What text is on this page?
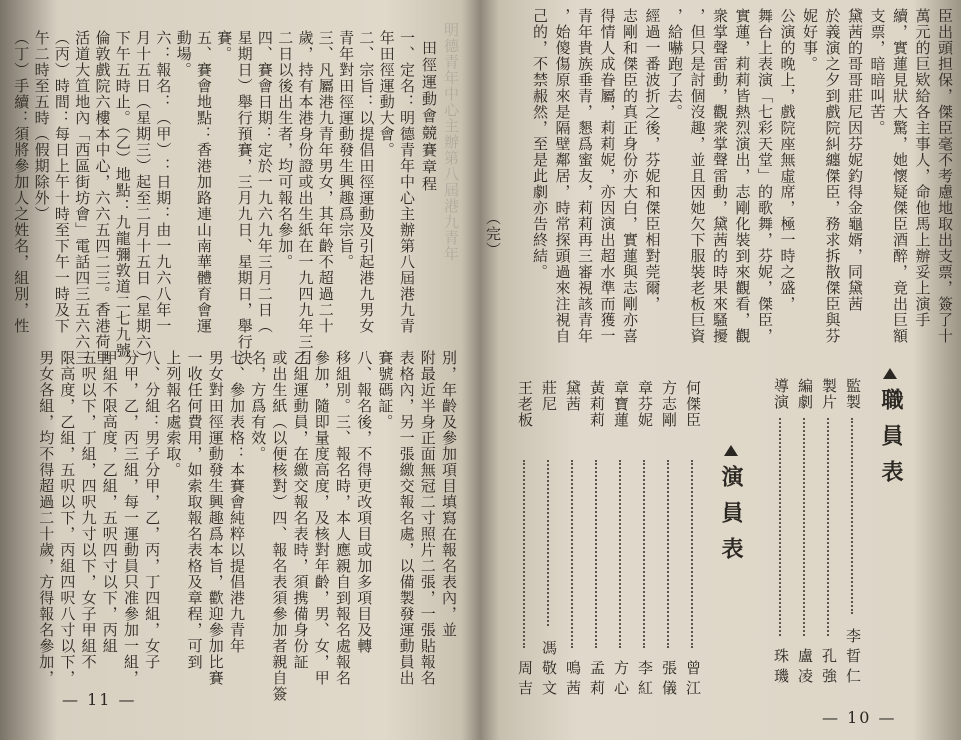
明德青年中心主辦第八屆港九青年
田徑運動會競賽章程
一、定名：明德青年中心主辦第八屆港九青
年田徑運動大會。
二、宗旨：以提倡田徑運動及引起港九男女
青年對田徑運動發生興趣爲宗旨。
三、凡屬港九青年男女，其年齡不超過二十
歲，持有本港身份證或出生紙在一九四九年三月
二日以後出生者，均可報名參加。
四、賽會日期：定於一九六九年三月二日（
星期日）舉行預賽，三月九日、星期日，舉行決
賽。
五、賽會地點：香港加路連山南華體育會運
動場。
六：報名：（甲）：日期：由一九六八年一
月十五日（星期三）起至二月十五日（星期六）
下午五時止。（乙）地點：九龍彌敦道二七九號
倫敦戲院六樓本中心，六六五四二三。香港荷里
活道大笪地內「西區街坊會」電話四三五六六三
（丙）時間：每日上午十時至下午一時及下
午二時至五時（假期除外）
（丁）手續：須將參加人之姓名，組別，性
別，年齡及參加項目填寫在報名表內，並
附最近半身正面無冠二寸照片二張，一張貼報名
表格內，另一張繳交報名處，以備製發運動員出
賽號碼証。
八、報名後，不得更改項目或加多項目及轉
移組別。三、報名時，本人應親自到報名處報名
參加，隨即量度高度，及核對年齡，男、女，甲
乙組運動員，在繳交報名表時，須携備身份証
或出生紙（以便核對）四、報名表須參加者親自簽
名，方爲有效。
七、參加表格：本賽會純粹以提倡港九青年
男女對田徑運動發生興趣爲本旨，歡迎參加比賽
一收任何費用，如索取報名表格及章程，可到
上列報名處索取。
八、分組：男子分甲，乙，丙，丁四組，女子
分甲，乙，丙三組，每一運動員只准參加一組，
甲組不限高度，乙組，五呎四寸以下，丙組
五呎以下，丁組，四呎九寸以下，女子甲組不
限高度，乙組，五呎以下，丙組四呎八寸以下，
男女各組，均不得超過二十歲，方得報名參加，
— 11 —
臣出頭担保，傑臣毫不考慮地取出支票，簽了十
萬元的巨欵給各主事人，命他馬上辦妥上演手
續，實蓮見狀大驚，她懷疑傑臣酒醉，竟出巨額
支票，暗暗叫苦。
黛茜的哥哥莊尼因芬妮釣得金龜婿，同黛茜
於義演之夕到戲院糾纏傑臣，務求拆散傑臣與芬
妮好事。
公演的晚上，戲院座無虛席，極一時之盛，
舞台上表演「七彩天堂」的歌舞，芬妮，傑臣，
實蓮，莉莉皆熱烈演出，志剛化裝到來觀看，觀
衆掌聲雷動，觀衆掌聲雷動，黛茜的時果來騷擾
，但只是討個沒趣，並且因她欠下服裝老板巨資
，給嚇跑了去。
經過一番波折之後，芬妮和傑臣相對莞爾，
志剛和傑臣的真正身份亦大白，實蓮與志剛亦喜
得情人成眷屬，莉莉妮，亦因演出超水準而獲一
青年貴族垂青，懇爲蜜友，莉莉再三審視該青年
，始傻傷原來是隔壁鄰居，時常探頭過來注視自
己的，不禁赧然，至是此劇亦告終結。
（完）
職員表
監製
李晢仁
製片
孔強
編劇
盧凌
導演
珠璣
演員表
何傑臣
曾江
方志剛
張儀
章芬妮
李紅
章寶蓮
方心
黃莉莉
孟莉
黛茜
鳴茜
莊尼
馮敬文
王老板
周吉
— 10 —
